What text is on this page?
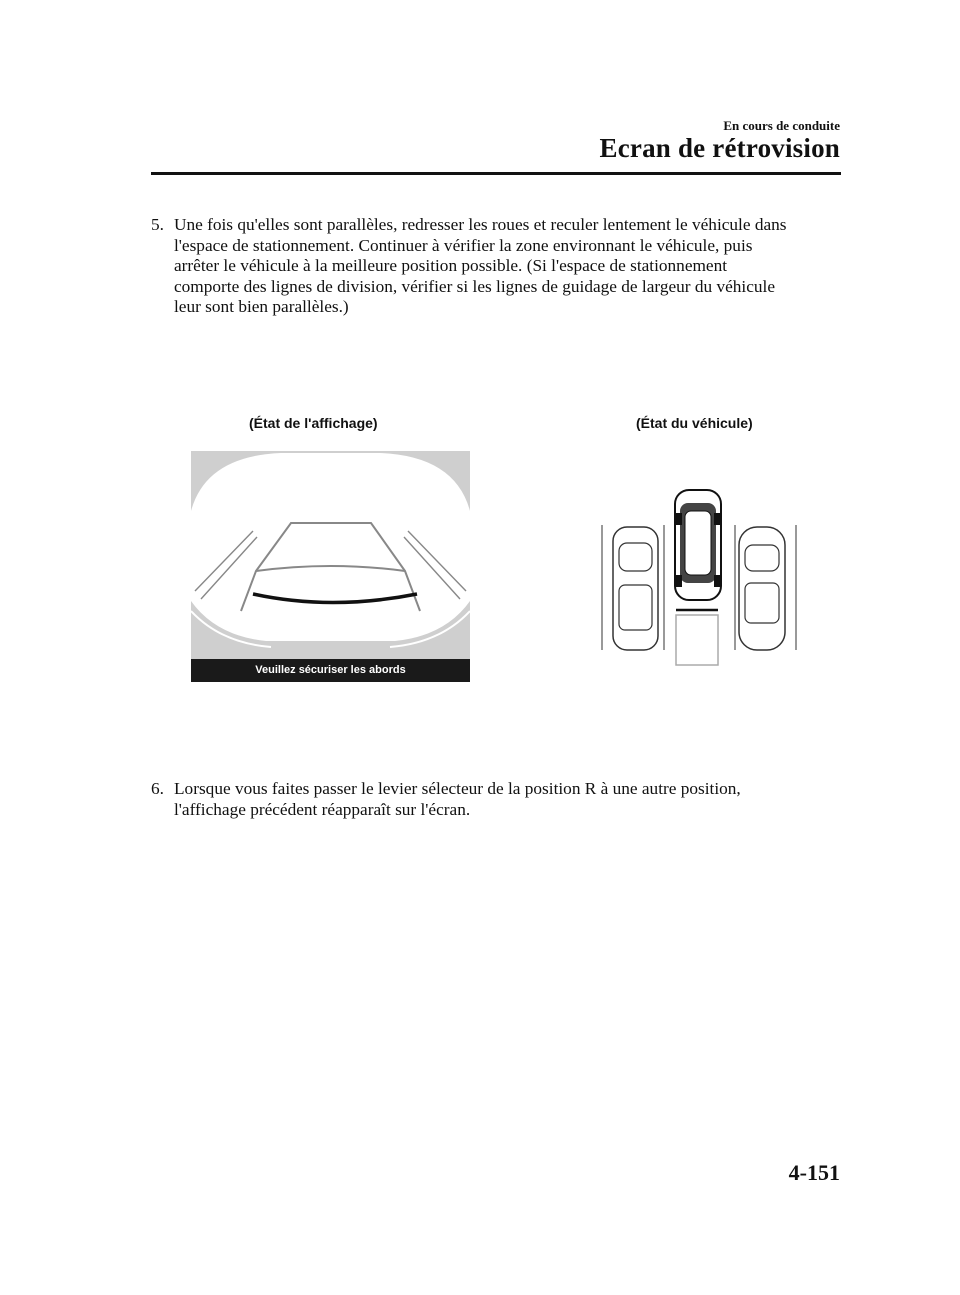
En cours de conduite
Ecran de rétrovision
5. Une fois qu'elles sont parallèles, redresser les roues et reculer lentement le véhicule dans
l'espace de stationnement. Continuer à vérifier la zone environnant le véhicule, puis
arrêter le véhicule à la meilleure position possible. (Si l'espace de stationnement
comporte des lignes de division, vérifier si les lignes de guidage de largeur du véhicule
leur sont bien parallèles.)
(État de l'affichage)	(État du véhicule)
Veuillez sécuriser les abords
6. Lorsque vous faites passer le levier sélecteur de la position R à une autre position,
l'affichage précédent réapparaît sur l'écran.
4-151
